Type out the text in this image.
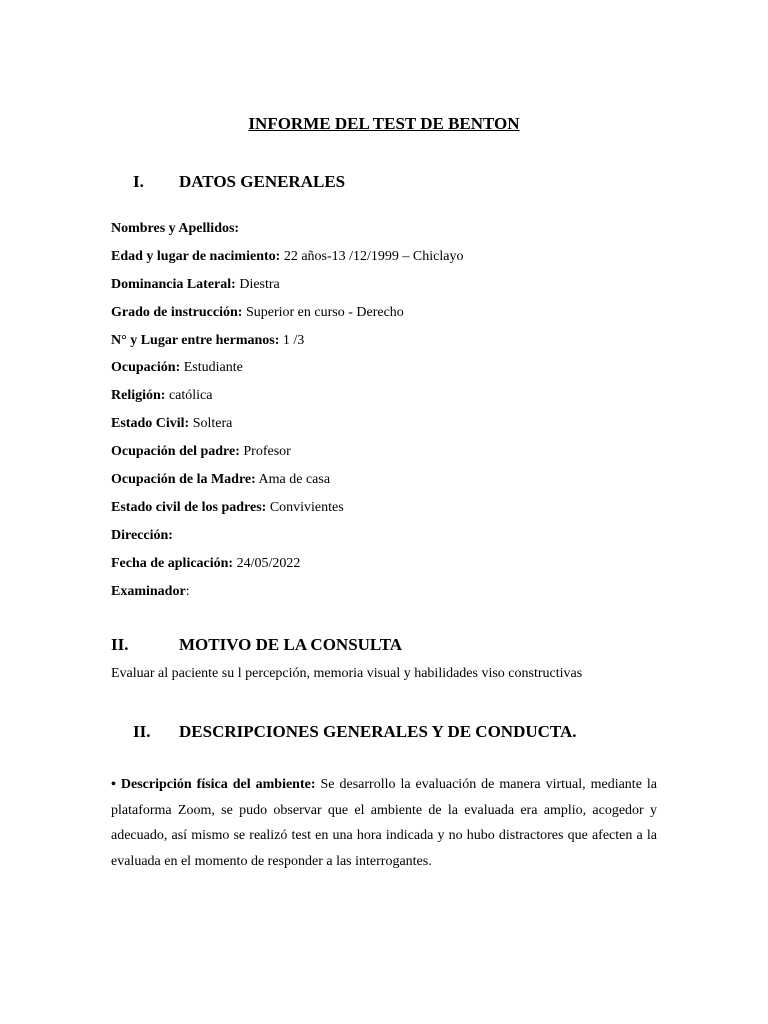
INFORME DEL TEST DE BENTON
I. DATOS GENERALES
Nombres y Apellidos:
Edad y lugar de nacimiento: 22 años-13 /12/1999 – Chiclayo
Dominancia Lateral: Diestra
Grado de instrucción: Superior en curso - Derecho
N° y Lugar entre hermanos: 1 /3
Ocupación: Estudiante
Religión: católica
Estado Civil: Soltera
Ocupación del padre: Profesor
Ocupación de la Madre: Ama de casa
Estado civil de los padres: Convivientes
Dirección:
Fecha de aplicación: 24/05/2022
Examinador:
II.	MOTIVO DE LA CONSULTA
Evaluar al paciente su l percepción, memoria visual y habilidades viso constructivas
II. DESCRIPCIONES GENERALES Y DE CONDUCTA.
• Descripción física del ambiente: Se desarrollo la evaluación de manera virtual, mediante la plataforma Zoom, se pudo observar que el ambiente de la evaluada era amplio, acogedor y adecuado, así mismo se realizó test en una hora indicada y no hubo distractores que afecten a la evaluada en el momento de responder a las interrogantes.
